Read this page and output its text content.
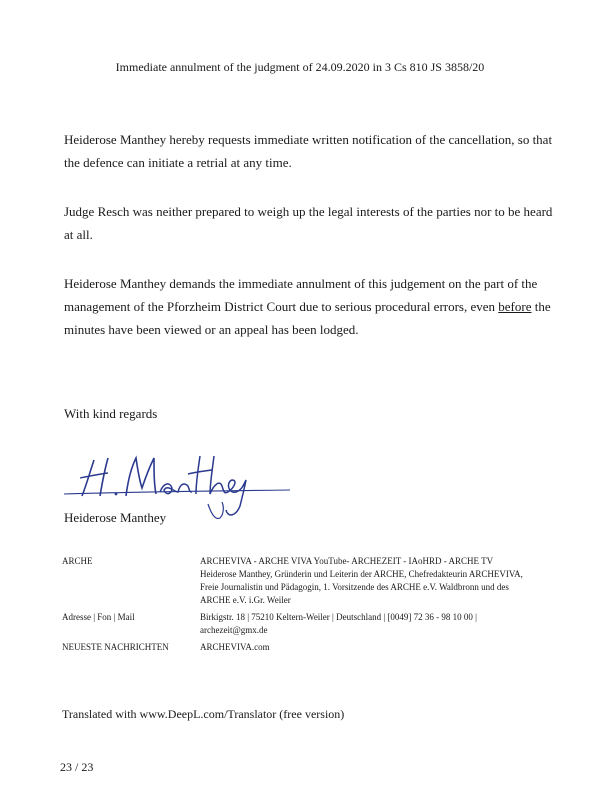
Immediate annulment of the judgment of 24.09.2020 in 3 Cs 810 JS 3858/20
Heiderose Manthey hereby requests immediate written notification of the cancellation, so that the defence can initiate a retrial at any time.
Judge Resch was neither prepared to weigh up the legal interests of the parties nor to be heard at all.
Heiderose Manthey demands the immediate annulment of this judgement on the part of the management of the Pforzheim District Court due to serious procedural errors, even before the minutes have been viewed or an appeal has been lodged.
With kind regards
Heiderose Manthey
ARCHE	ARCHEVIVA - ARCHE VIVA YouTube- ARCHEZEIT - IAoHRD - ARCHE TV
Heiderose Manthey, Gründerin und Leiterin der ARCHE, Chefredakteurin ARCHEVIVA, Freie Journalistin und Pädagogin, 1. Vorsitzende des ARCHE e.V. Waldbronn und des ARCHE e.V. i.Gr. Weiler

Adresse | Fon | Mail	Birkigstr. 18 | 75210 Keltern-Weiler | Deutschland | [0049] 72 36 - 98 10 00 |
archezeit@gmx.de

NEUESTE NACHRICHTEN	ARCHEVIVA.com
Translated with www.DeepL.com/Translator (free version)
23 / 23
